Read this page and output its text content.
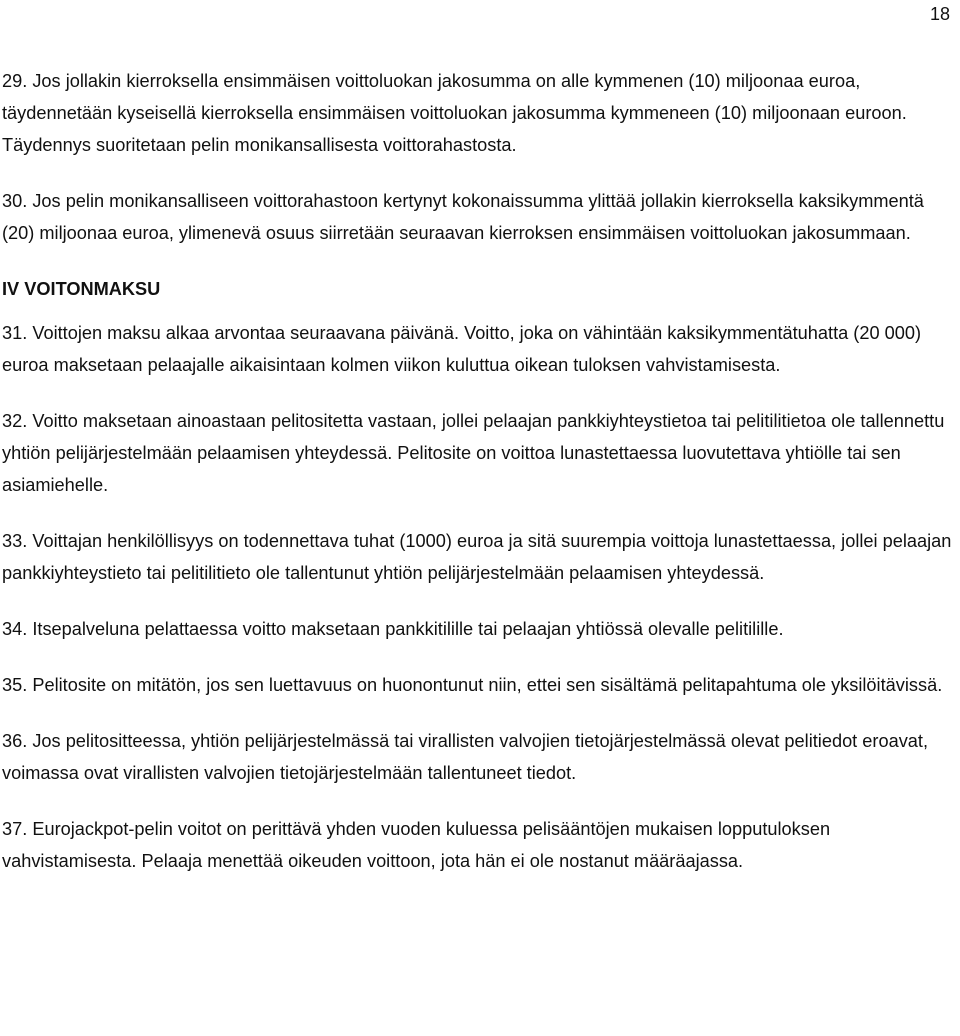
18

29. Jos jollakin kierroksella ensimmäisen voittoluokan jakosumma on alle kymmenen (10) miljoonaa euroa, täydennetään kyseisellä kierroksella ensimmäisen voittoluokan jakosumma kymmeneen (10) miljoonaan euroon. Täydennys suoritetaan pelin monikansallisesta voittorahastosta.

30. Jos pelin monikansalliseen voittorahastoon kertynyt kokonaissumma ylittää jollakin kierroksella kaksikymmentä (20) miljoonaa euroa, ylimenevä osuus siirretään seuraavan kierroksen ensimmäisen voittoluokan jakosummaan.

IV VOITONMAKSU

31. Voittojen maksu alkaa arvontaa seuraavana päivänä. Voitto, joka on vähintään kaksikymmentätuhatta (20 000) euroa maksetaan pelaajalle aikaisintaan kolmen viikon kuluttua oikean tuloksen vahvistamisesta.

32. Voitto maksetaan ainoastaan pelitositetta vastaan, jollei pelaajan pankkiyhteystietoa tai pelitilitietoa ole tallennettu yhtiön pelijärjestelmään pelaamisen yhteydessä. Pelitosite on voittoa lunastettaessa luovutettava yhtiölle tai sen asiamiehelle.

33. Voittajan henkilöllisyys on todennettava tuhat (1000) euroa ja sitä suurempia voittoja lunastettaessa, jollei pelaajan pankkiyhteystieto tai pelitilitieto ole tallentunut yhtiön pelijärjestelmään pelaamisen yhteydessä.

34. Itsepalveluna pelattaessa voitto maksetaan pankkitilille tai pelaajan yhtiössä olevalle pelitilille.

35. Pelitosite on mitätön, jos sen luettavuus on huonontunut niin, ettei sen sisältämä pelitapahtuma ole yksilöitävissä.

36. Jos pelitositteessa, yhtiön pelijärjestelmässä tai virallisten valvojien tietojärjestelmässä olevat pelitiedot eroavat, voimassa ovat virallisten valvojien tietojärjestelmään tallentuneet tiedot.

37. Eurojackpot-pelin voitot on perittävä yhden vuoden kuluessa pelisääntöjen mukaisen lopputuloksen vahvistamisesta. Pelaaja menettää oikeuden voittoon, jota hän ei ole nostanut määräajassa.
